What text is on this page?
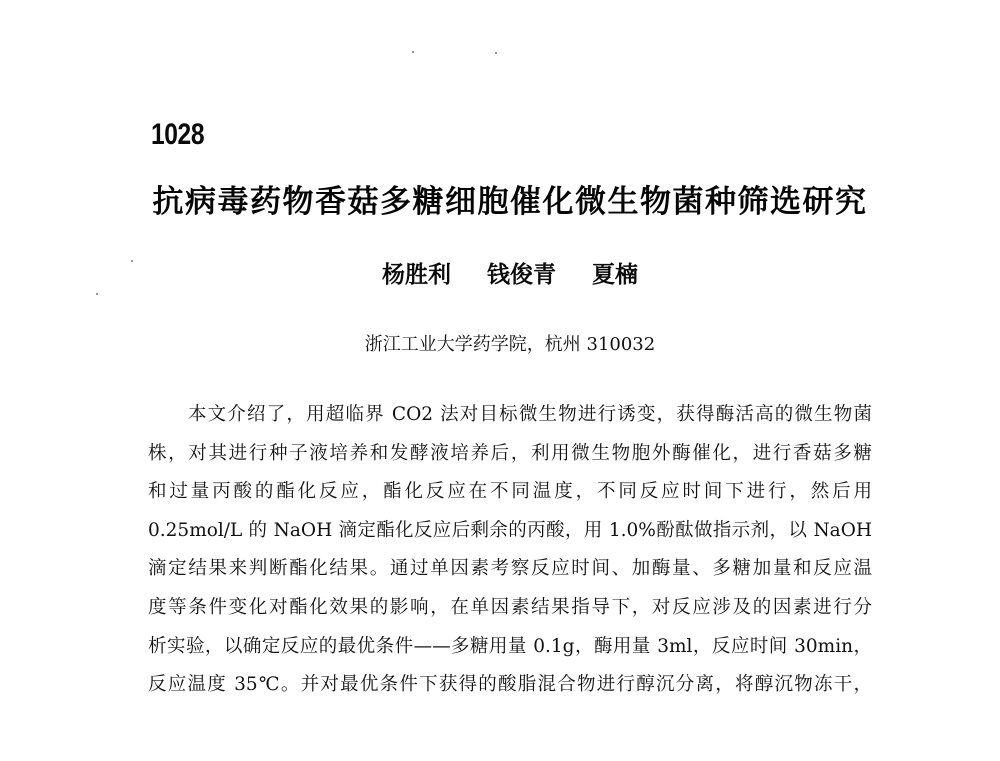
1028
抗病毒药物香菇多糖细胞催化微生物菌种筛选研究
杨胜利 钱俊青 夏楠
浙江工业大学药学院，杭州 310032
本文介绍了，用超临界 CO2 法对目标微生物进行诱变，获得酶活高的微生物菌
株，对其进行种子液培养和发酵液培养后，利用微生物胞外酶催化，进行香菇多糖
和过量丙酸的酯化反应，酯化反应在不同温度，不同反应时间下进行，然后用
0.25mol/L 的 NaOH 滴定酯化反应后剩余的丙酸，用 1.0%酚酞做指示剂，以 NaOH
滴定结果来判断酯化结果。通过单因素考察反应时间、加酶量、多糖加量和反应温
度等条件变化对酯化效果的影响，在单因素结果指导下，对反应涉及的因素进行分
析实验，以确定反应的最优条件——多糖用量 0.1g，酶用量 3ml，反应时间 30min，
反应温度 35℃。并对最优条件下获得的酸脂混合物进行醇沉分离，将醇沉物冻干，
